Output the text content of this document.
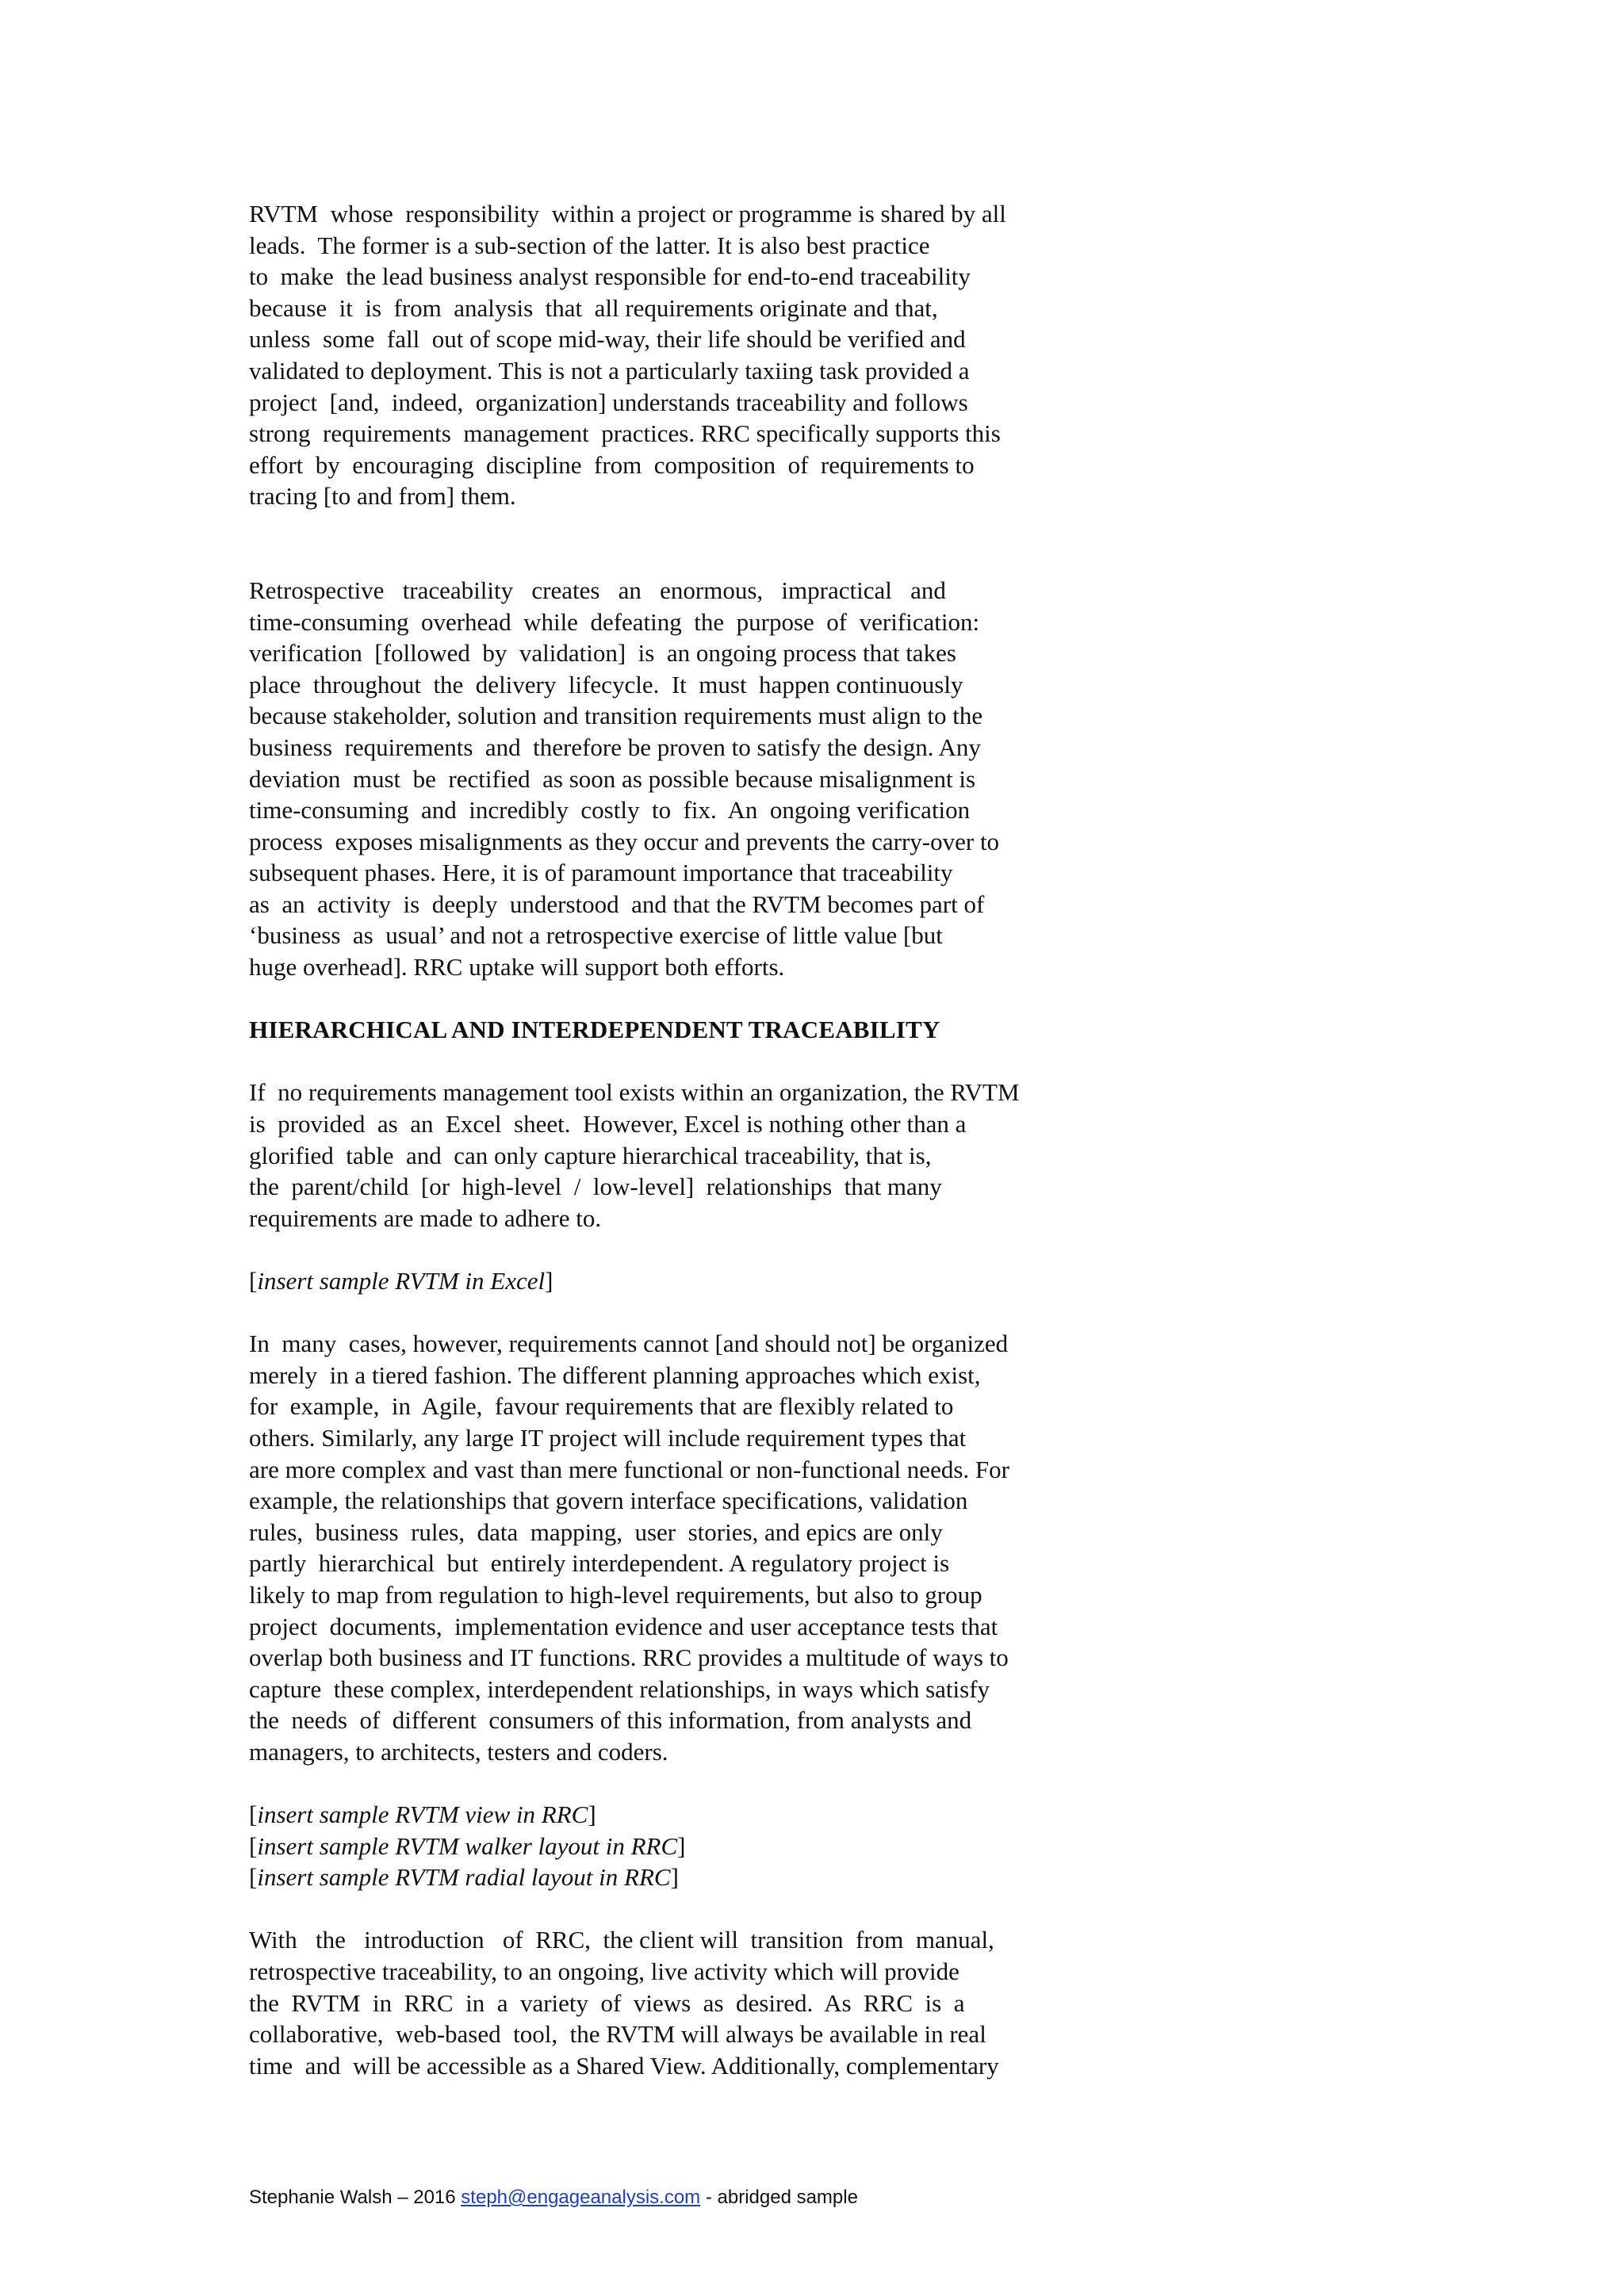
RVTM  whose  responsibility  within a project or programme is shared by all
leads.  The former is a sub-section of the latter. It is also best practice
to  make  the lead business analyst responsible for end-to-end traceability
because  it  is  from  analysis  that  all requirements originate and that,
unless  some  fall  out of scope mid-way, their life should be verified and
validated to deployment. This is not a particularly taxiing task provided a
project  [and,  indeed,  organization] understands traceability and follows
strong  requirements  management  practices. RRC specifically supports this
effort  by  encouraging  discipline  from  composition  of  requirements to
tracing [to and from] them.
Retrospective   traceability   creates   an   enormous,   impractical   and
time-consuming  overhead  while  defeating  the  purpose  of  verification:
verification  [followed  by  validation]  is  an ongoing process that takes
place  throughout  the  delivery  lifecycle.  It  must  happen continuously
because stakeholder, solution and transition requirements must align to the
business  requirements  and  therefore be proven to satisfy the design. Any
deviation  must  be  rectified  as soon as possible because misalignment is
time-consuming  and  incredibly  costly  to  fix.  An  ongoing verification
process  exposes misalignments as they occur and prevents the carry-over to
subsequent phases. Here, it is of paramount importance that traceability
as  an  activity  is  deeply  understood  and that the RVTM becomes part of
‘business  as  usual’ and not a retrospective exercise of little value [but
huge overhead]. RRC uptake will support both efforts.
HIERARCHICAL AND INTERDEPENDENT TRACEABILITY
If  no requirements management tool exists within an organization, the RVTM
is  provided  as  an  Excel  sheet.  However, Excel is nothing other than a
glorified  table  and  can only capture hierarchical traceability, that is,
the  parent/child  [or  high-level  /  low-level]  relationships  that many
requirements are made to adhere to.
[insert sample RVTM in Excel]
In  many  cases, however, requirements cannot [and should not] be organized
merely  in a tiered fashion. The different planning approaches which exist,
for  example,  in  Agile,  favour requirements that are flexibly related to
others. Similarly, any large IT project will include requirement types that
are more complex and vast than mere functional or non-functional needs. For
example, the relationships that govern interface specifications, validation
rules,  business  rules,  data  mapping,  user  stories, and epics are only
partly  hierarchical  but  entirely interdependent. A regulatory project is
likely to map from regulation to high-level requirements, but also to group
project  documents,  implementation evidence and user acceptance tests that
overlap both business and IT functions. RRC provides a multitude of ways to
capture  these complex, interdependent relationships, in ways which satisfy
the  needs  of  different  consumers of this information, from analysts and
managers, to architects, testers and coders.
[insert sample RVTM view in RRC]
[insert sample RVTM walker layout in RRC]
[insert sample RVTM radial layout in RRC]
With   the   introduction   of  RRC,  the client will  transition  from  manual,
retrospective traceability, to an ongoing, live activity which will provide
the  RVTM  in  RRC  in  a  variety  of  views  as  desired.  As  RRC  is  a
collaborative,  web-based  tool,  the RVTM will always be available in real
time  and  will be accessible as a Shared View. Additionally, complementary
Stephanie Walsh – 2016 steph@engageanalysis.com - abridged sample
